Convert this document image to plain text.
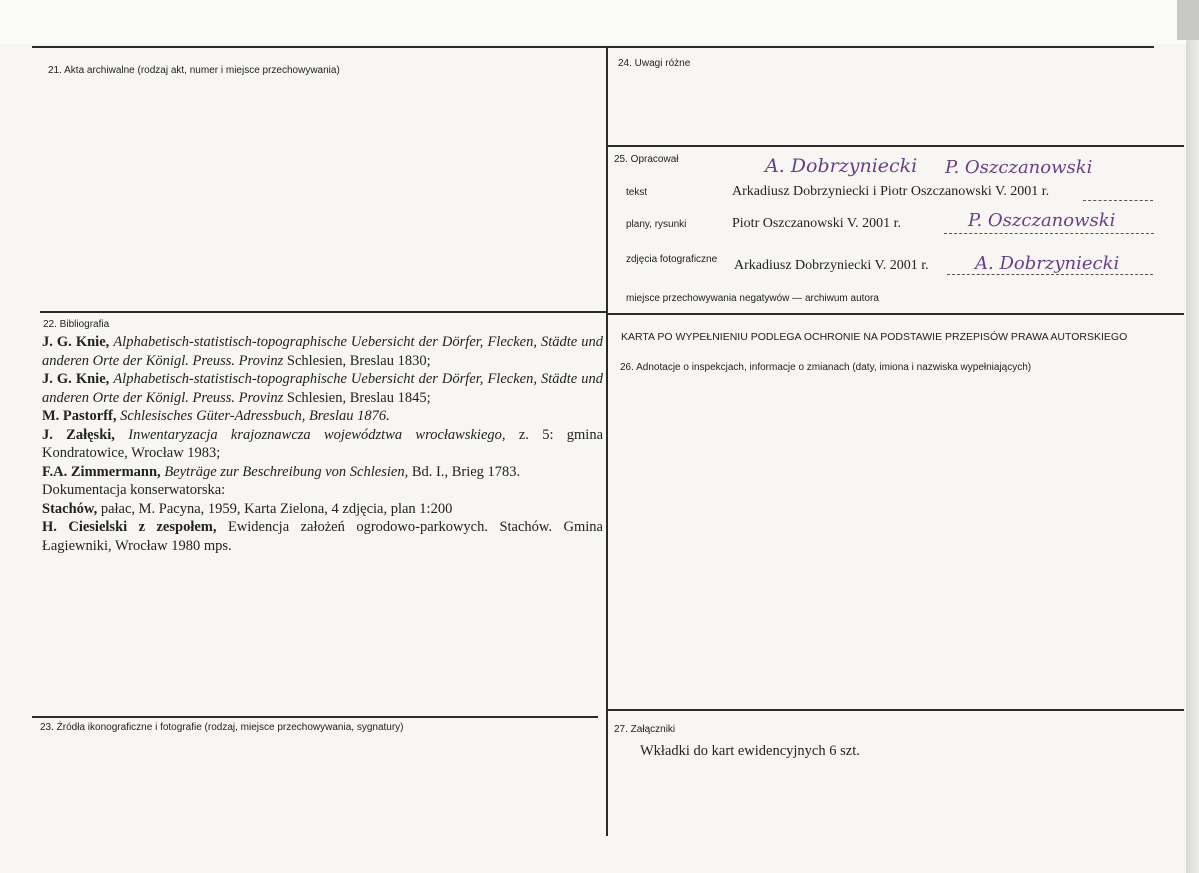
21. Akta archiwalne (rodzaj akt, numer i miejsce przechowywania)
22. Bibliografia

J. G. Knie, Alphabetisch-statistisch-topographische Uebersicht der Dörfer, Flecken, Städte und anderen Orte der Königl. Preuss. Provinz Schlesien, Breslau 1830;

J. G. Knie, Alphabetisch-statistisch-topographische Uebersicht der Dörfer, Flecken, Städte und anderen Orte der Königl. Preuss. Provinz Schlesien, Breslau 1845;

M. Pastorff, Schlesisches Güter-Adressbuch, Breslau 1876.

J. Załęski, Inwentaryzacja krajoznawcza województwa wrocławskiego, z. 5: gmina Kondratowice, Wrocław 1983;

F.A. Zimmermann, Beyträge zur Beschreibung von Schlesien, Bd. I., Brieg 1783.

Dokumentacja konserwatorska:

Stachów, pałac, M. Pacyna, 1959, Karta Zielona, 4 zdjęcia, plan 1:200

H. Ciesielski z zespołem, Ewidencja założeń ogrodowo-parkowych. Stachów. Gmina Łagiewniki, Wrocław 1980 mps.

23. Źródła ikonograficzne i fotografie (rodzaj, miejsce przechowywania, sygnatury)
24. Uwagi różne
25. Opracował	A. Dobrzyniecki P. Oszczanowski
tekst	Arkadiusz Dobrzyniecki i Piotr Oszczanowski V. 2001 r.
plany, rysunki	Piotr Oszczanowski V. 2001 r.	P. Oszczanowski
zdjęcia fotograficzne Arkadiusz Dobrzyniecki V. 2001 r.	A. Dobrzyniecki
miejsce przechowywania negatywów — archiwum autora
KARTA PO WYPEŁNIENIU PODLEGA OCHRONIE NA PODSTAWIE PRZEPISÓW PRAWA AUTORSKIEGO
26. Adnotacje o inspekcjach, informacje o zmianach (daty, imiona i nazwiska wypełniających)
27. Załączniki
Wkładki do kart ewidencyjnych 6 szt.
